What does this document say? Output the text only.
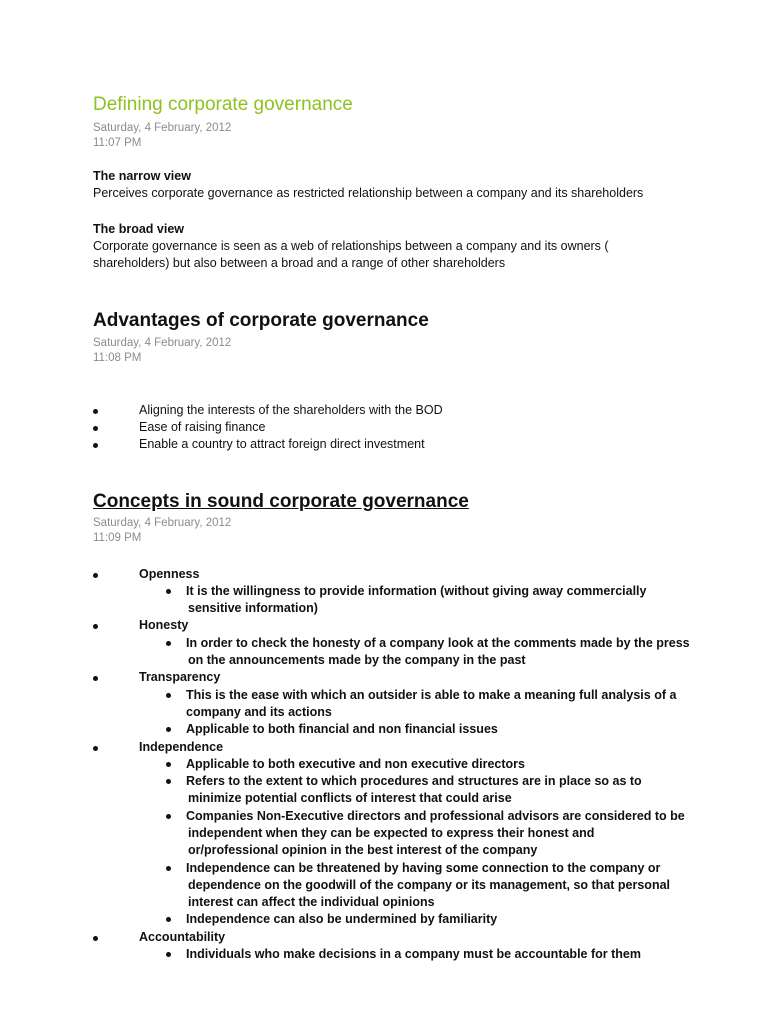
Defining corporate governance
Saturday, 4 February, 2012
11:07 PM
The narrow view
Perceives corporate governance as restricted relationship between a company and its shareholders
The broad view
Corporate governance is seen as a web of relationships between a company and its owners ( shareholders) but also between a broad and a range of other shareholders
Advantages of corporate governance
Saturday, 4 February, 2012
11:08 PM
Aligning the interests of the shareholders with the BOD
Ease of raising finance
Enable a country to attract foreign direct investment
Concepts in sound corporate governance
Saturday, 4 February, 2012
11:09 PM
Openness
It is the willingness to provide information (without giving away commercially
sensitive information)
Honesty
In order to check the honesty of a company look at the comments made by the press
on the announcements made by the company in the past
Transparency
This is the ease with which an outsider is able to make a meaning full analysis of a
company and its actions
Applicable to both financial and non financial issues
Independence
Applicable to both executive and non executive directors
Refers to the extent to which procedures and structures are in place so as to
minimize potential conflicts of interest that could arise
Companies Non-Executive directors and professional advisors are considered to be
independent when they can be expected to express their honest and
or/professional opinion in the best interest of the company
Independence can be threatened by having some connection to the company or
dependence on the goodwill of the company or its management, so that personal
interest can affect the individual opinions
Independence can also be undermined by familiarity
Accountability
Individuals who make decisions in a company must be accountable for them
